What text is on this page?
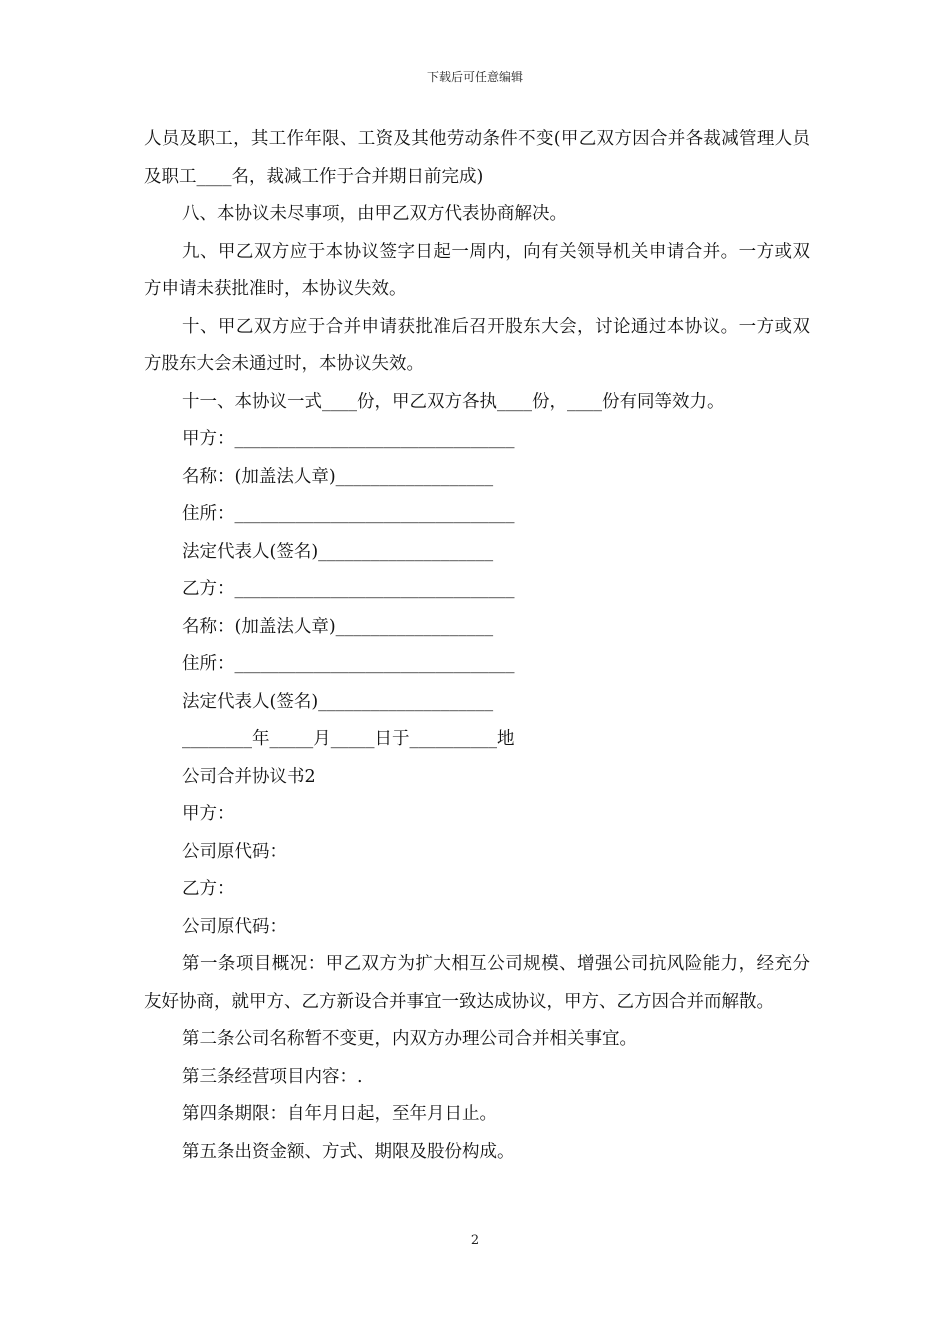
下载后可任意编辑

人员及职工，其工作年限、工资及其他劳动条件不变(甲乙双方因合并各裁减管理人员及职工____名，裁减工作于合并期日前完成)

八、本协议未尽事项，由甲乙双方代表协商解决。

九、甲乙双方应于本协议签字日起一周内，向有关领导机关申请合并。一方或双方申请未获批准时，本协议失效。

十、甲乙双方应于合并申请获批准后召开股东大会，讨论通过本协议。一方或双方股东大会未通过时，本协议失效。

十一、本协议一式____份，甲乙双方各执____份，____份有同等效力。

甲方：________________________________

名称：(加盖法人章)__________________

住所：________________________________

法定代表人(签名)____________________

乙方：________________________________

名称：(加盖法人章)__________________

住所：________________________________

法定代表人(签名)____________________

________年_____月_____日于__________地

公司合并协议书2

甲方：

公司原代码：

乙方：

公司原代码：

第一条项目概况：甲乙双方为扩大相互公司规模、增强公司抗风险能力，经充分友好协商，就甲方、乙方新设合并事宜一致达成协议，甲方、乙方因合并而解散。

第二条公司名称暂不变更，内双方办理公司合并相关事宜。

第三条经营项目内容：.

第四条期限：自年月日起，至年月日止。

第五条出资金额、方式、期限及股份构成。

2
